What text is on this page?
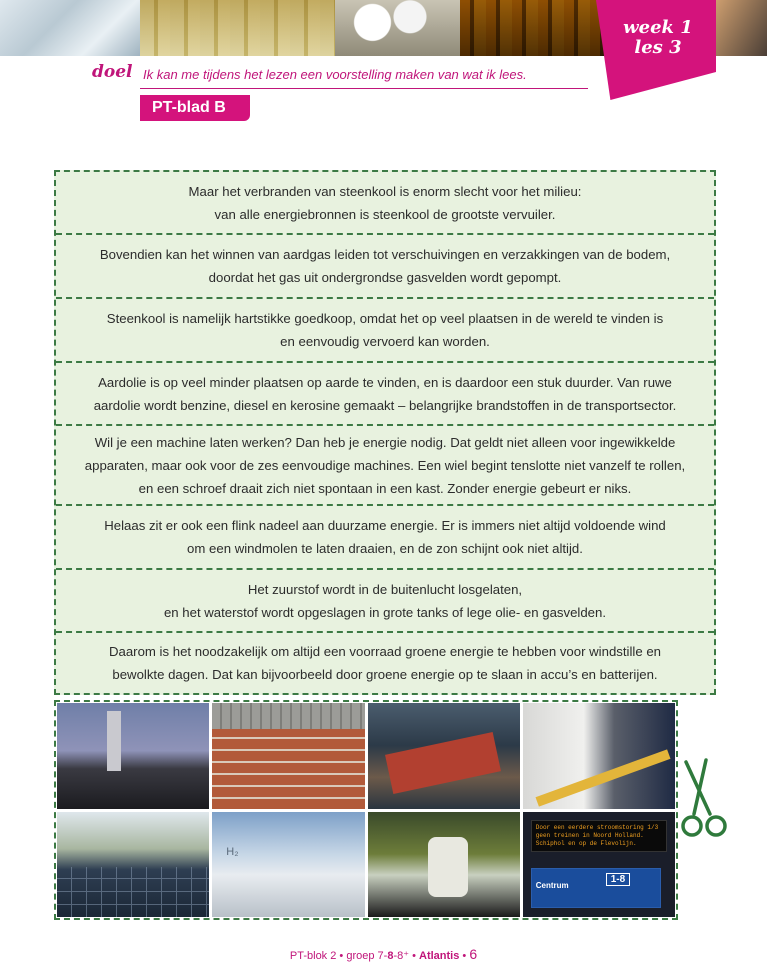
week 1
les 3
doel Ik kan me tijdens het lezen een voorstelling maken van wat ik lees.
PT-blad B
Maar het verbranden van steenkool is enorm slecht voor het milieu:
van alle energiebronnen is steenkool de grootste vervuiler.
Bovendien kan het winnen van aardgas leiden tot verschuivingen en verzakkingen van de bodem,
doordat het gas uit ondergrondse gasvelden wordt gepompt.
Steenkool is namelijk hartstikke goedkoop, omdat het op veel plaatsen in de wereld te vinden is
en eenvoudig vervoerd kan worden.
Aardolie is op veel minder plaatsen op aarde te vinden, en is daardoor een stuk duurder. Van ruwe
aardolie wordt benzine, diesel en kerosine gemaakt – belangrijke brandstoffen in de transportsector.
Wil je een machine laten werken? Dan heb je energie nodig. Dat geldt niet alleen voor ingewikkelde
apparaten, maar ook voor de zes eenvoudige machines. Een wiel begint tenslotte niet vanzelf te rollen,
en een schroef draait zich niet spontaan in een kast. Zonder energie gebeurt er niks.
Helaas zit er ook een flink nadeel aan duurzame energie. Er is immers niet altijd voldoende wind
om een windmolen te laten draaien, en de zon schijnt ook niet altijd.
Het zuurstof wordt in de buitenlucht losgelaten,
en het waterstof wordt opgeslagen in grote tanks of lege olie- en gasvelden.
Daarom is het noodzakelijk om altijd een voorraad groene energie te hebben voor windstille en
bewolkte dagen. Dat kan bijvoorbeeld door groene energie op te slaan in accu’s en batterijen.
H₂
Door een eerdere stroomstoring 1/3 geen treinen in Noord Holland. Schiphol en op de Flevolijn.
Centrum
1-8
PT-blok 2 • groep 7-8-8⁺ • Atlantis • 6
